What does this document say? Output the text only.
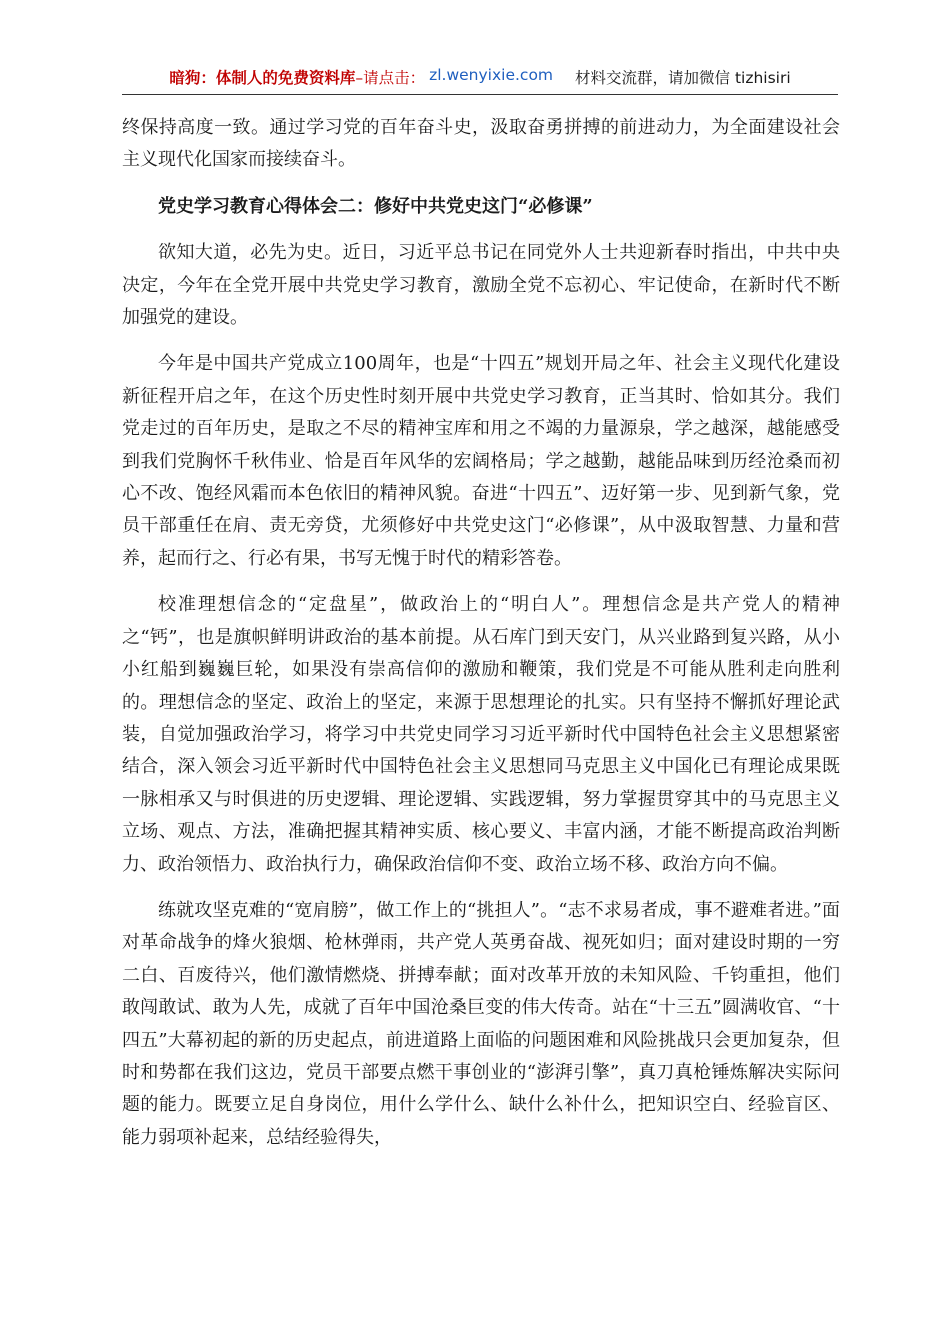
暗狗：体制人的免费资料库 –请点击： zl.wenyixie.com 材料交流群，请加微信 tizhisiri

终保持高度一致。通过学习党的百年奋斗史，汲取奋勇拼搏的前进动力，为全面建设社会主义现代化国家而接续奋斗。

党史学习教育心得体会二：修好中共党史这门“必修课”

欲知大道，必先为史。近日，习近平总书记在同党外人士共迎新春时指出，中共中央决定，今年在全党开展中共党史学习教育，激励全党不忘初心、牢记使命，在新时代不断加强党的建设。

今年是中国共产党成立100周年，也是“十四五”规划开局之年、社会主义现代化建设新征程开启之年，在这个历史性时刻开展中共党史学习教育，正当其时、恰如其分。我们党走过的百年历史，是取之不尽的精神宝库和用之不竭的力量源泉，学之越深，越能感受到我们党胸怀千秋伟业、恰是百年风华的宏阔格局；学之越勤，越能品味到历经沧桑而初心不改、饱经风霜而本色依旧的精神风貌。奋进“十四五”、迈好第一步、见到新气象，党员干部重任在肩、责无旁贷，尤须修好中共党史这门“必修课”，从中汲取智慧、力量和营养，起而行之、行必有果，书写无愧于时代的精彩答卷。

校准理想信念的“定盘星”，做政治上的“明白人”。理想信念是共产党人的精神之“钙”，也是旗帜鲜明讲政治的基本前提。从石库门到天安门，从兴业路到复兴路，从小小红船到巍巍巨轮，如果没有崇高信仰的激励和鞭策，我们党是不可能从胜利走向胜利的。理想信念的坚定、政治上的坚定，来源于思想理论的扎实。只有坚持不懈抓好理论武装，自觉加强政治学习，将学习中共党史同学习习近平新时代中国特色社会主义思想紧密结合，深入领会习近平新时代中国特色社会主义思想同马克思主义中国化已有理论成果既一脉相承又与时俱进的历史逻辑、理论逻辑、实践逻辑，努力掌握贯穿其中的马克思主义立场、观点、方法，准确把握其精神实质、核心要义、丰富内涵，才能不断提高政治判断力、政治领悟力、政治执行力，确保政治信仰不变、政治立场不移、政治方向不偏。

练就攻坚克难的“宽肩膀”，做工作上的“挑担人”。“志不求易者成，事不避难者进。”面对革命战争的烽火狼烟、枪林弹雨，共产党人英勇奋战、视死如归；面对建设时期的一穷二白、百废待兴，他们激情燃烧、拼搏奉献；面对改革开放的未知风险、千钧重担，他们敢闯敢试、敢为人先，成就了百年中国沧桑巨变的伟大传奇。站在“十三五”圆满收官、“十四五”大幕初起的新的历史起点，前进道路上面临的问题困难和风险挑战只会更加复杂，但时和势都在我们这边，党员干部要点燃干事创业的“澎湃引擎”，真刀真枪锤炼解决实际问题的能力。既要立足自身岗位，用什么学什么、缺什么补什么，把知识空白、经验盲区、能力弱项补起来，总结经验得失，
